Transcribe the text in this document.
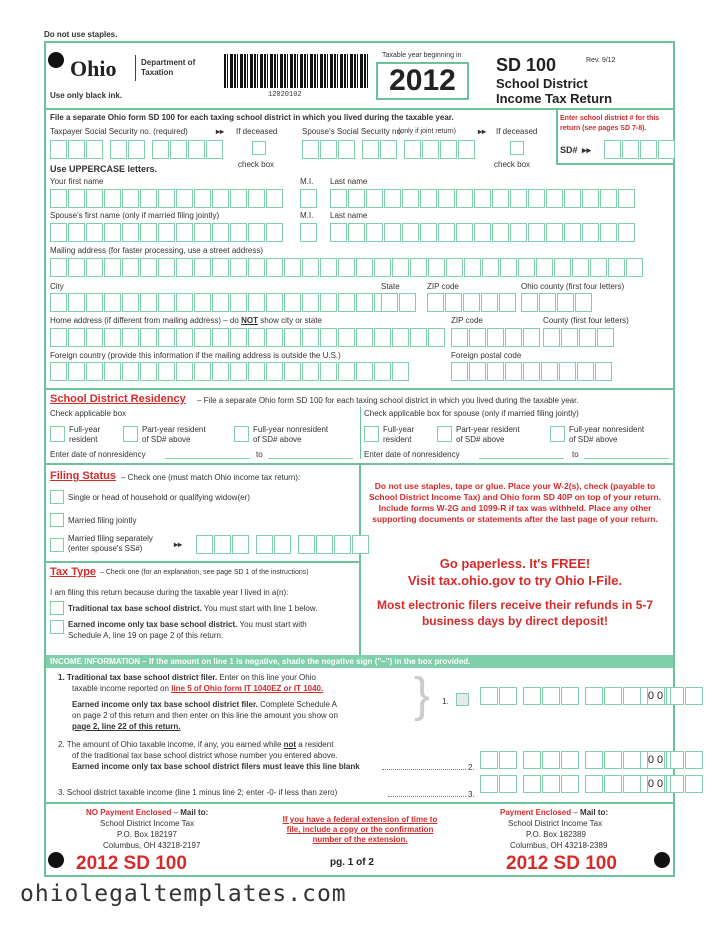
Do not use staples.
Ohio	Department of
Taxation
Use only black ink.	12020102
Taxable year beginning in
2012	SD 100	Rev. 9/12
School District
Income Tax Return
File a separate Ohio form SD 100 for each taxing school district in which you lived during the taxable year.	Enter school district # for this return (see pages SD 7-8).
SD# ▸▸
Taxpayer Social Security no. (required)	▸▸ If deceased	Spouse's Social Security no.
(only if joint return)	▸▸ If deceased
check box	check box
Use UPPERCASE letters.
Your first name	M.I. Last name
Spouse's first name (only if married filing jointly)	M.I. Last name
Mailing address (for faster processing, use a street address)
City	State	ZIP code	Ohio county (first four letters)
Home address (if different from mailing address) – do NOT show city or state	ZIP code	County (first four letters)
Foreign country (provide this information if the mailing address is outside the U.S.)	Foreign postal code
School District Residency – File a separate Ohio form SD 100 for each taxing school district in which you lived during the taxable year.
Check applicable box	Check applicable box for spouse (only if married filing jointly)
Full-year
resident
Part-year resident
of SD# above
Full-year nonresident
of SD# above
Full-year
resident
Part-year resident
of SD# above
Full-year nonresident
of SD# above
Enter date of nonresidency	to	Enter date of nonresidency	to
Filing Status – Check one (must match Ohio income tax return):
Single or head of household or qualifying widow(er)
Married filing jointly
Married filing separately
(enter spouse's SS#)	▸▸
Tax Type – Check one (for an explanation, see page SD 1 of the instructions)
I am filing this return because during the taxable year I lived in a(n):
Traditional tax base school district. You must start with line 1 below.
Earned income only tax base school district. You must start with
Schedule A, line 19 on page 2 of this return.
Do not use staples, tape or glue. Place your W-2(s), check (payable to School District Income Tax) and Ohio form SD 40P on top of your return. Include forms W-2G and 1099-R if tax was withheld. Place any other supporting documents or statements after the last page of your return.
Go paperless. It's FREE!
Visit tax.ohio.gov to try Ohio I-File.
Most electronic filers receive their refunds in 5-7 business days by direct deposit!
INCOME INFORMATION – If the amount on line 1 is negative, shade the negative sign ("–") in the box provided.
1. Traditional tax base school district filer. Enter on this line your Ohio
taxable income reported on line 5 of Ohio form IT 1040EZ or IT 1040.
Earned income only tax base school district filer. Complete Schedule A
on page 2 of this return and then enter on this line the amount you show on
page 2, line 22 of this return.
} 1.	0 0
2. The amount of Ohio taxable income, if any, you earned while not a resident
of the traditional tax base school district whose number you entered above.
Earned income only tax base school district filers must leave this line blank	2.
0 0
3. School district taxable income (line 1 minus line 2; enter -0- if less than zero)	3.
0 0
NO Payment Enclosed – Mail to:
School District Income Tax
P.O. Box 182197
Columbus, OH 43218-2197
If you have a federal extension of time to file, include a copy or the confirmation number of the extension.
Payment Enclosed – Mail to:
School District Income Tax
P.O. Box 182389
Columbus, OH 43218-2389
2012 SD 100	pg. 1 of 2	2012 SD 100
ohiolegaltemplates.com
